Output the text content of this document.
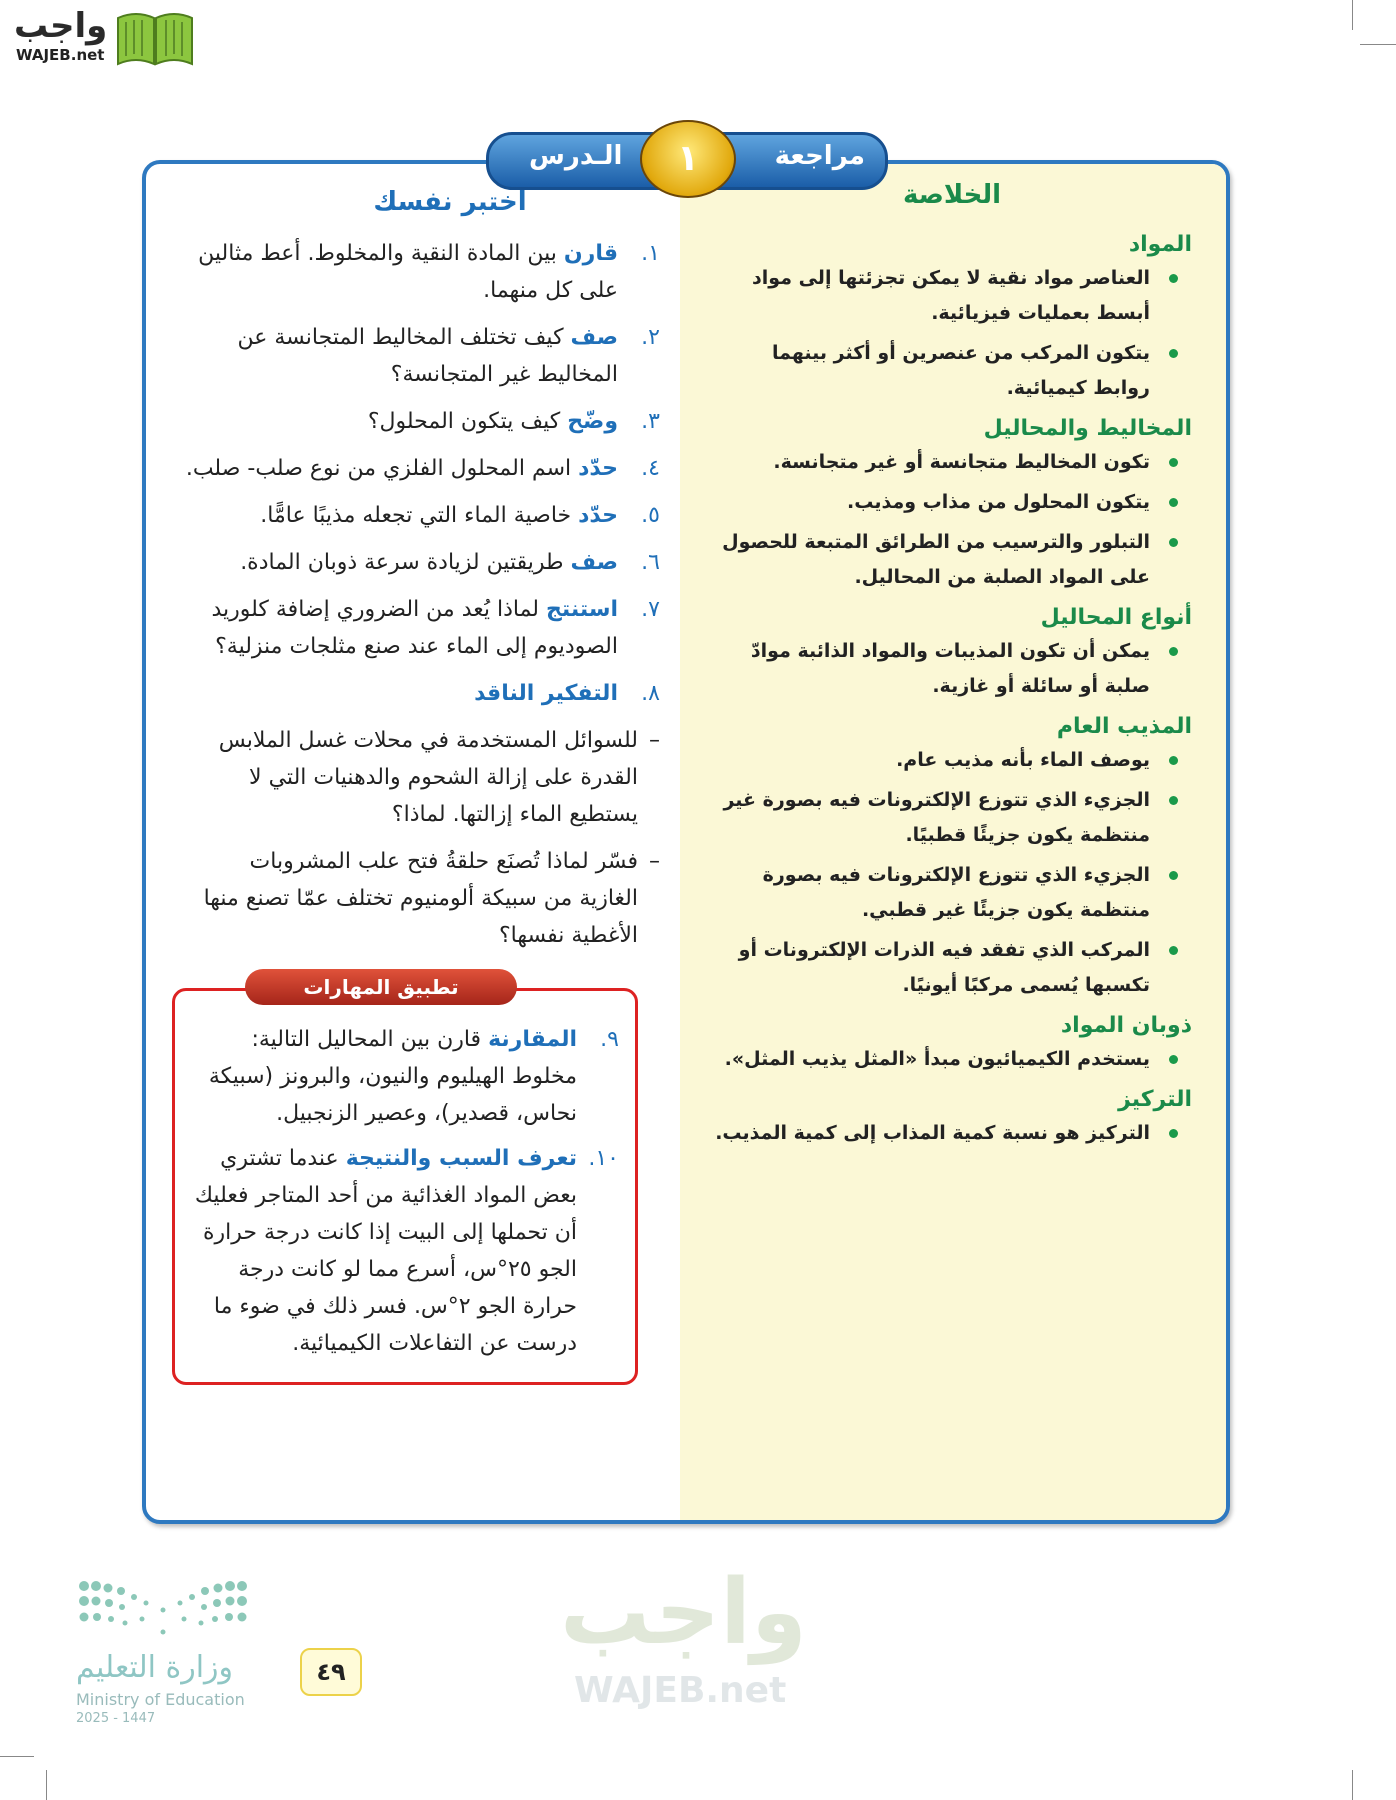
واجب
WAJEB.net
مراجعة
الـدرس	١
واجب
WAJEB.net
الخلاصة
المواد
العناصر مواد نقية لا يمكن تجزئتها إلى مواد أبسط بعمليات فيزيائية.
يتكون المركب من عنصرين أو أكثر بينهما روابط كيميائية.
المخاليط والمحاليل
تكون المخاليط متجانسة أو غير متجانسة.
يتكون المحلول من مذاب ومذيب.
التبلور والترسيب من الطرائق المتبعة للحصول على المواد الصلبة من المحاليل.
أنواع المحاليل
يمكن أن تكون المذيبات والمواد الذائبة موادّ صلبة أو سائلة أو غازية.
المذيب العام
يوصف الماء بأنه مذيب عام.
الجزيء الذي تتوزع الإلكترونات فيه بصورة غير منتظمة يكون جزيئًا قطبيًا.
الجزيء الذي تتوزع الإلكترونات فيه بصورة منتظمة يكون جزيئًا غير قطبي.
المركب الذي تفقد فيه الذرات الإلكترونات أو تكسبها يُسمى مركبًا أيونيًا.
ذوبان المواد
يستخدم الكيميائيون مبدأ «المثل يذيب المثل».
التركيز
التركيز هو نسبة كمية المذاب إلى كمية المذيب.
اختبر نفسك
١.
قارن بين المادة النقية والمخلوط. أعط مثالين على كل منهما.
٢.
صف كيف تختلف المخاليط المتجانسة عن المخاليط غير المتجانسة؟
٣.
وضّح كيف يتكون المحلول؟
٤.
حدّد اسم المحلول الفلزي من نوع صلب- صلب.
٥.
حدّد خاصية الماء التي تجعله مذيبًا عامًّا.
٦.
صف طريقتين لزيادة سرعة ذوبان المادة.
٧.
استنتج لماذا يُعد من الضروري إضافة كلوريد الصوديوم إلى الماء عند صنع مثلجات منزلية؟
٨.
التفكير الناقد
– للسوائل المستخدمة في محلات غسل الملابس القدرة على إزالة الشحوم والدهنيات التي لا يستطيع الماء إزالتها. لماذا؟
– فسّر لماذا تُصنَع حلقةُ فتح علب المشروبات الغازية من سبيكة ألومنيوم تختلف عمّا تصنع منها الأغطية نفسها؟
تطبيق المهارات
٩.
المقارنة قارن بين المحاليل التالية: مخلوط الهيليوم والنيون، والبرونز (سبيكة نحاس، قصدير)، وعصير الزنجبيل.
١٠.
تعرف السبب والنتيجة عندما تشتري بعض المواد الغذائية من أحد المتاجر فعليك أن تحملها إلى البيت إذا كانت درجة حرارة الجو ٢٥°س، أسرع مما لو كانت درجة حرارة الجو ٢°س. فسر ذلك في ضوء ما درست عن التفاعلات الكيميائية.
وزارة التعليم
Ministry of Education
2025 - 1447
٤٩
